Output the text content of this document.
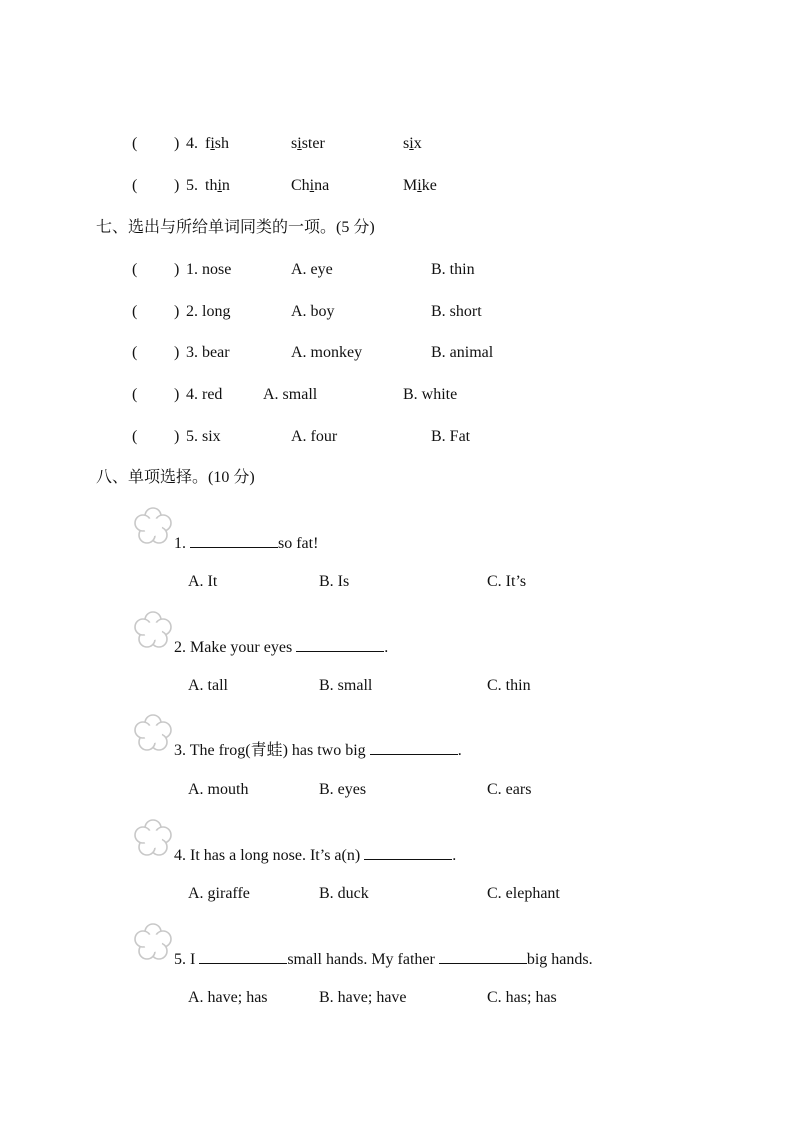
( ) 4. fish	sister	six
( ) 5. thin	China	Mike
七、选出与所给单词同类的一项。(5 分)
( ) 1. nose	A. eye	B. thin
( ) 2. long	A. boy	B. short
( ) 3. bear	A. monkey	B. animal
( ) 4. red	A. small	B. white
( ) 5. six	A. four	B. Fat
八、单项选择。(10 分)
1.	so fat!
A. It	B. Is	C. It’s
2. Make your eyes	.
A. tall	B. small	C. thin
3. The frog(青蛙) has two big	.
A. mouth	B. eyes	C. ears
4. It has a long nose. It’s a(n)	.
A. giraffe	B. duck	C. elephant
5. I	small hands. My father	big hands.
A. have; has	B. have; have	C. has; has
